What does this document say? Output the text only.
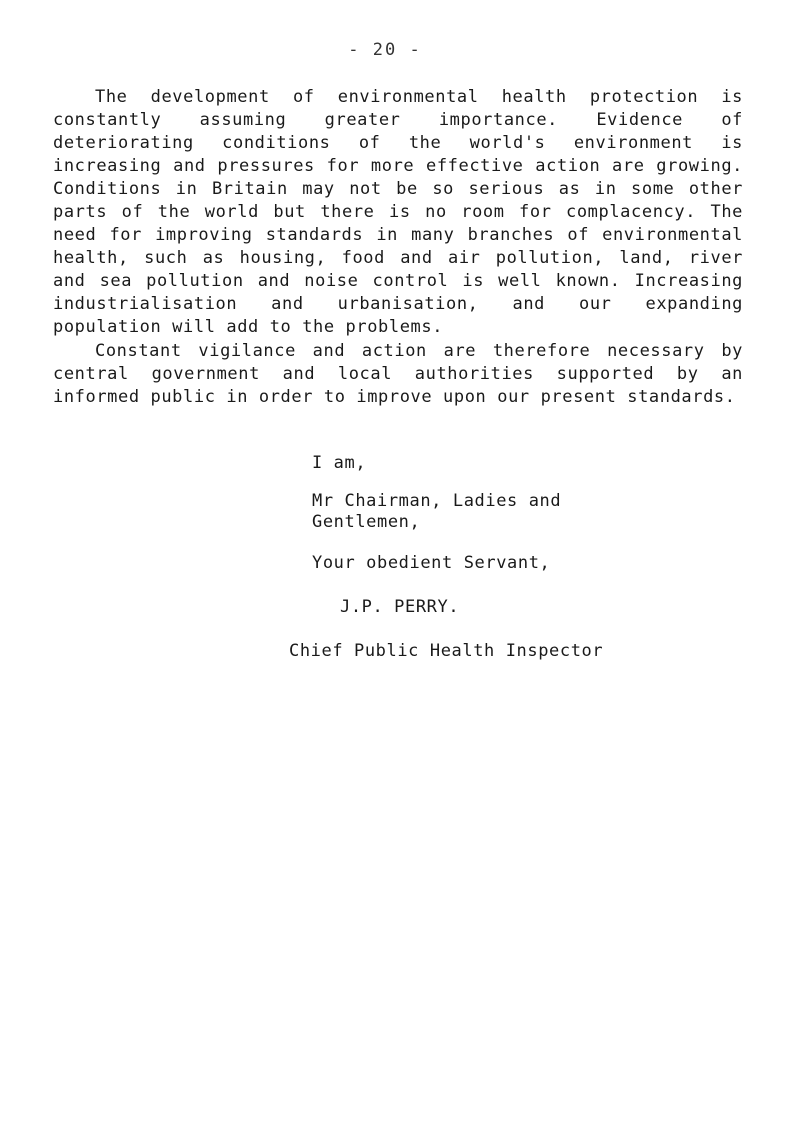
- 20 -

The development of environmental health protection is constantly assuming greater importance. Evidence of deteriorating conditions of the world's environment is increasing and pressures for more effective action are growing. Conditions in Britain may not be so serious as in some other parts of the world but there is no room for complacency. The need for improving standards in many branches of environmental health, such as housing, food and air pollution, land, river and sea pollution and noise control is well known. Increasing industrialisation and urbanisation, and our expanding population will add to the problems.

Constant vigilance and action are therefore necessary by central government and local authorities supported by an informed public in order to improve upon our present standards.

I am,

Mr Chairman, Ladies and

Gentlemen,

Your obedient Servant,

J.P. PERRY.

Chief Public Health Inspector
